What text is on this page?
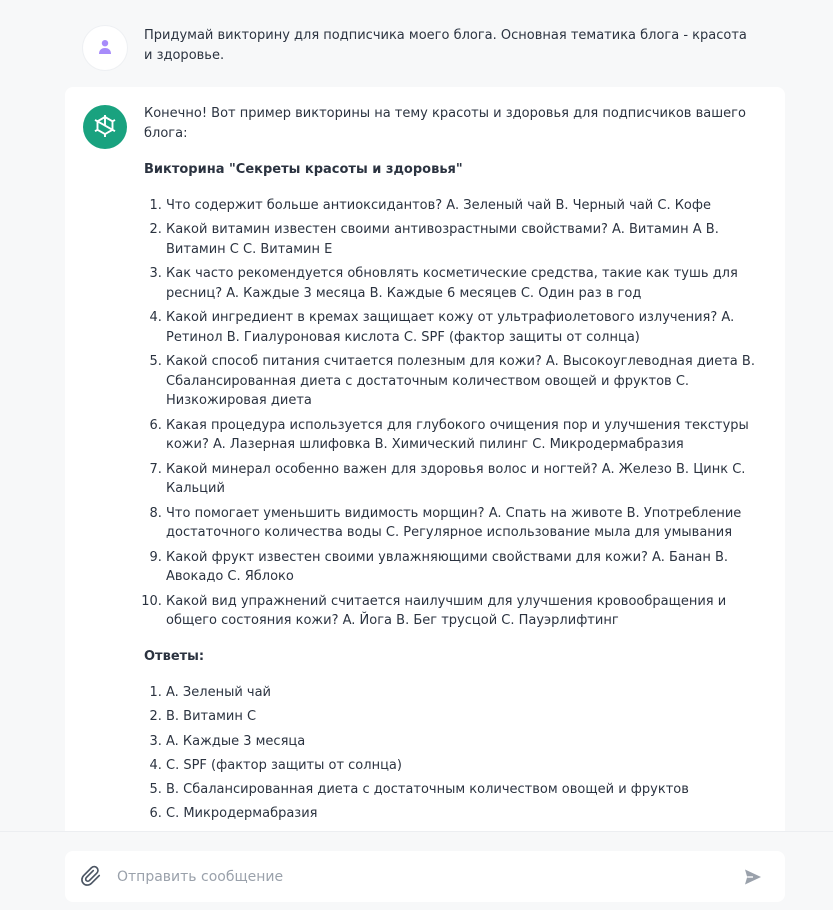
Придумай викторину для подписчика моего блога. Основная тематика блога - красота и здоровье.

Конечно! Вот пример викторины на тему красоты и здоровья для подписчиков вашего блога:

Викторина "Секреты красоты и здоровья"

1. Что содержит больше антиоксидантов? A. Зеленый чай B. Черный чай C. Кофе
2. Какой витамин известен своими антивозрастными свойствами? A. Витамин A B. Витамин C C. Витамин E
3. Как часто рекомендуется обновлять косметические средства, такие как тушь для ресниц? A. Каждые 3 месяца B. Каждые 6 месяцев C. Один раз в год
4. Какой ингредиент в кремах защищает кожу от ультрафиолетового излучения? A. Ретинол B. Гиалуроновая кислота C. SPF (фактор защиты от солнца)
5. Какой способ питания считается полезным для кожи? A. Высокоуглеводная диета B. Сбалансированная диета с достаточным количеством овощей и фруктов C. Низкожировая диета
6. Какая процедура используется для глубокого очищения пор и улучшения текстуры кожи? A. Лазерная шлифовка B. Химический пилинг C. Микродермабразия
7. Какой минерал особенно важен для здоровья волос и ногтей? A. Железо B. Цинк C. Кальций
8. Что помогает уменьшить видимость морщин? A. Спать на животе B. Употребление достаточного количества воды C. Регулярное использование мыла для умывания
9. Какой фрукт известен своими увлажняющими свойствами для кожи? A. Банан B. Авокадо C. Яблоко
10. Какой вид упражнений считается наилучшим для улучшения кровообращения и общего состояния кожи? A. Йога B. Бег трусцой C. Пауэрлифтинг

Ответы:

1. A. Зеленый чай
2. B. Витамин C
3. A. Каждые 3 месяца
4. C. SPF (фактор защиты от солнца)
5. B. Сбалансированная диета с достаточным количеством овощей и фруктов
6. C. Микродермабразия
7.
8.
Отправить сообщение
